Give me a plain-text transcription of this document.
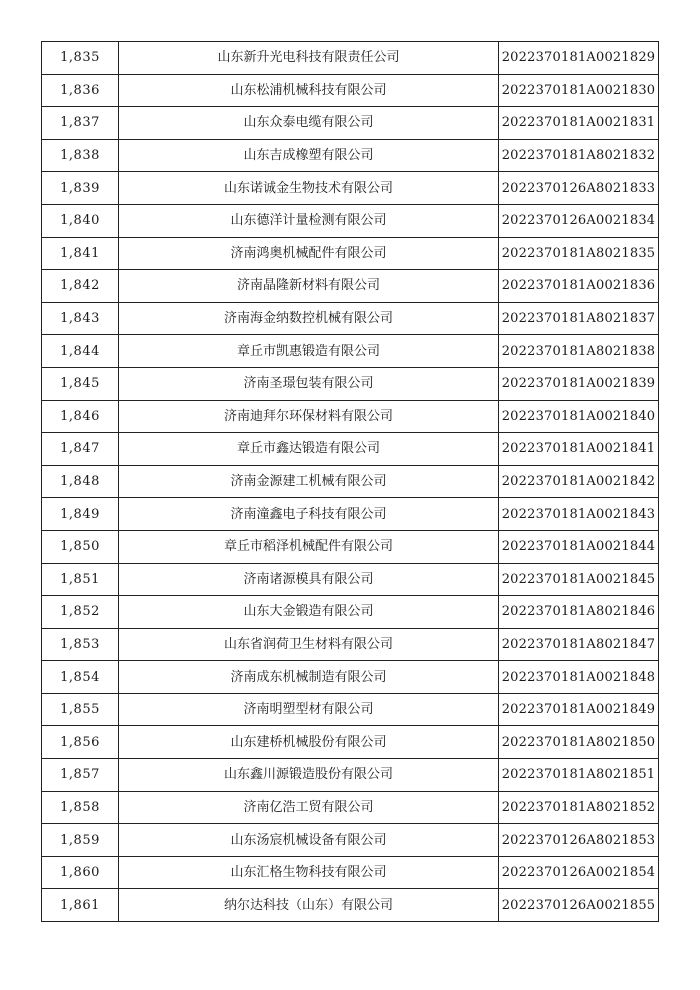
1,835	山东新升光电科技有限责任公司	2022370181A0021829
1,836	山东松浦机械科技有限公司	2022370181A0021830
1,837	山东众泰电缆有限公司	2022370181A0021831
1,838	山东吉成橡塑有限公司	2022370181A8021832
1,839	山东诺诚金生物技术有限公司	2022370126A8021833
1,840	山东德洋计量检测有限公司	2022370126A0021834
1,841	济南鸿奥机械配件有限公司	2022370181A8021835
1,842	济南晶隆新材料有限公司	2022370181A0021836
1,843	济南海金纳数控机械有限公司	2022370181A8021837
1,844	章丘市凯惠锻造有限公司	2022370181A8021838
1,845	济南圣璟包装有限公司	2022370181A0021839
1,846	济南迪拜尔环保材料有限公司	2022370181A0021840
1,847	章丘市鑫达锻造有限公司	2022370181A0021841
1,848	济南金源建工机械有限公司	2022370181A0021842
1,849	济南潼鑫电子科技有限公司	2022370181A0021843
1,850	章丘市稻泽机械配件有限公司	2022370181A0021844
1,851	济南诸源模具有限公司	2022370181A0021845
1,852	山东大金锻造有限公司	2022370181A8021846
1,853	山东省润荷卫生材料有限公司	2022370181A8021847
1,854	济南成东机械制造有限公司	2022370181A0021848
1,855	济南明塑型材有限公司	2022370181A0021849
1,856	山东建桥机械股份有限公司	2022370181A8021850
1,857	山东鑫川源锻造股份有限公司	2022370181A8021851
1,858	济南亿浩工贸有限公司	2022370181A8021852
1,859	山东汤宸机械设备有限公司	2022370126A8021853
1,860	山东汇格生物科技有限公司	2022370126A0021854
1,861	纳尔达科技（山东）有限公司	2022370126A0021855
